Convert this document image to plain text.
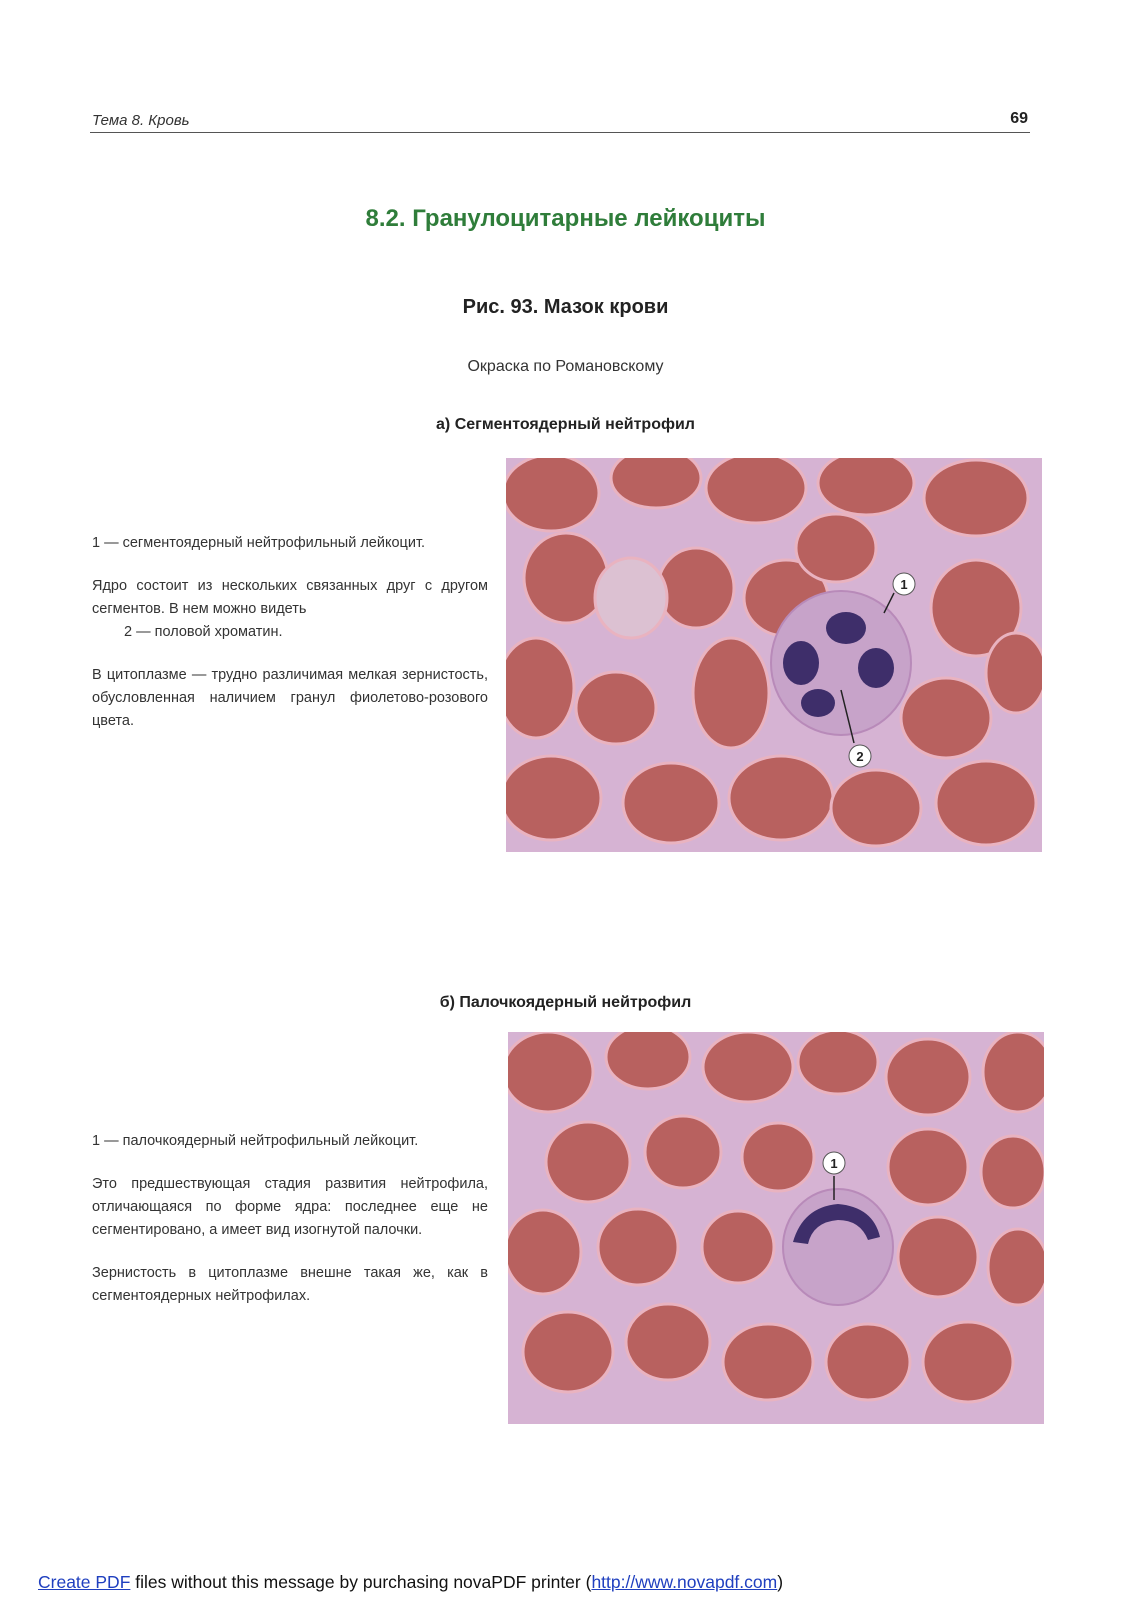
Тема 8. Кровь	69
8.2. Гранулоцитарные лейкоциты
Рис. 93. Мазок крови
Окраска по Романовскому
а) Сегментоядерный нейтрофил

1 — сегментоядерный нейтрофильный лейкоцит.

Ядро состоит из нескольких связанных друг с другом сегментов. В нем можно видеть
2 — половой хроматин.

В цитоплазме — трудно различимая мелкая зернистость, обусловленная наличием гранул фиолетово-розового цвета.

1
2
б) Палочкоядерный нейтрофил

1 — палочкоядерный нейтрофильный лейкоцит.

Это предшествующая стадия развития нейтрофила, отличающаяся по форме ядра: последнее еще не сегментировано, а имеет вид изогнутой палочки.

Зернистость в цитоплазме внешне такая же, как в сегментоядерных нейтрофилах.

1
Create PDF files without this message by purchasing novaPDF printer (http://www.novapdf.com)
